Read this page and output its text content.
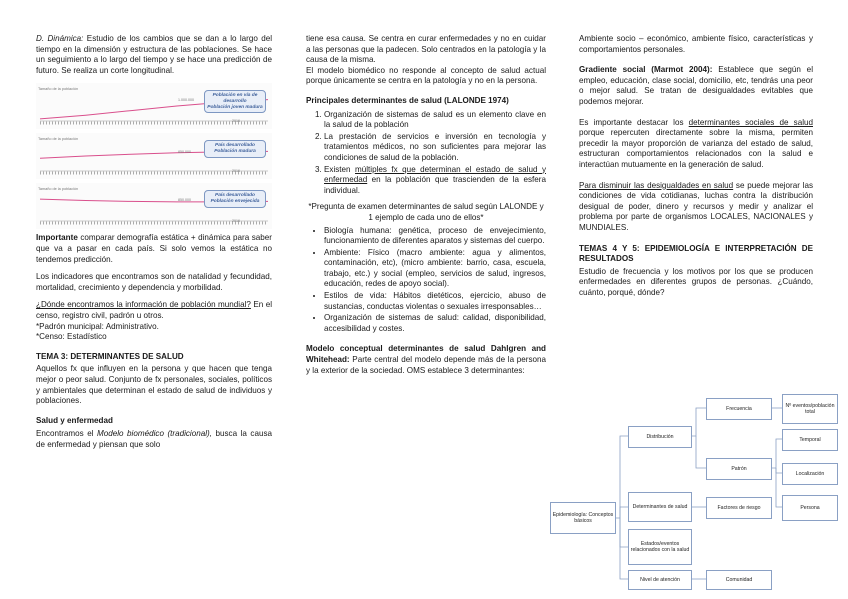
D. Dinámica: Estudio de los cambios que se dan a lo largo del tiempo en la dimensión y estructura de las poblaciones. Se hace un seguimiento a lo largo del tiempo y se hace una predicción de futuro. Se realiza un corte longitudinal.

Tamaño de la población
1.000.000
2016
Población en vía de desarrollo
Población joven madura
Tamaño de la población
850.000
2016
País desarrollado
Población madura
Tamaño de la población
850.000
2016
País desarrollado
Población envejecida

Importante comparar demografía estática + dinámica para saber que va a pasar en cada país. Si solo vemos la estática no tendemos predicción.

Los indicadores que encontramos son de natalidad y fecundidad, mortalidad, crecimiento y dependencia y morbilidad.

¿Dónde encontramos la información de población mundial? En el censo, registro civil, padrón u otros.

*Padrón municipal: Administrativo.

*Censo: Estadístico

TEMA 3: DETERMINANTES DE SALUD

Aquellos fx que influyen en la persona y que hacen que tenga mejor o peor salud. Conjunto de fx personales, sociales, políticos y ambientales que determinan el estado de salud de individuos y poblaciones.

Salud y enfermedad

Encontramos el Modelo biomédico (tradicional), busca la causa de enfermedad y piensan que solo

tiene esa causa. Se centra en curar enfermedades y no en cuidar a las personas que la padecen. Solo centrados en la patología y la causa de la misma.

El modelo biomédico no responde al concepto de salud actual porque únicamente se centra en la patología y no en la persona.

Principales determinantes de salud (LALONDE 1974)

1. Organización de sistemas de salud es un elemento clave en la salud de la población
2. La prestación de servicios e inversión en tecnología y tratamientos médicos, no son suficientes para mejorar las condiciones de salud de la población.
3. Existen múltiples fx que determinan el estado de salud y enfermedad en la población que trascienden de la esfera individual.

*Pregunta de examen determinantes de salud según LALONDE y 1 ejemplo de cada uno de ellos*

• Biología humana: genética, proceso de envejecimiento, funcionamiento de diferentes aparatos y sistemas del cuerpo.
• Ambiente: Físico (macro ambiente: agua y alimentos, contaminación, etc), (micro ambiente: barrio, casa, escuela, trabajo, etc.) y social (empleo, servicios de salud, ingresos, educación, redes de apoyo social).
• Estilos de vida: Hábitos dietéticos, ejercicio, abuso de sustancias, conductas violentas o sexuales irresponsables…
• Organización de sistemas de salud: calidad, disponibilidad, accesibilidad y costes.

Modelo conceptual determinantes de salud Dahlgren and Whitehead: Parte central del modelo depende más de la persona y la exterior de la sociedad. OMS establece 3 determinantes:

Ambiente socio – económico, ambiente físico, características y comportamientos personales.

Gradiente social (Marmot 2004): Establece que según el empleo, educación, clase social, domicilio, etc, tendrás una peor o mejor salud. Se tratan de desigualdades evitables que podemos mejorar.

Es importante destacar los determinantes sociales de salud porque repercuten directamente sobre la misma, permiten precedir la mayor proporción de varianza del estado de salud, estructuran comportamientos relacionados con la salud e interactúan mutuamente en la generación de salud.

Para disminuir las desigualdades en salud se puede mejorar las condiciones de vida cotidianas, luchas contra la distribución desigual de poder, dinero y recursos y medir y analizar el problema por parte de organismos LOCALES, NACIONALES y MUNDIALES.

TEMAS 4 Y 5: EPIDEMIOLOGÍA E INTERPRETACIÓN DE RESULTADOS

Estudio de frecuencia y los motivos por los que se producen enfermedades en diferentes grupos de personas. ¿Cuándo, cuánto, porqué, dónde?

Epidemiología: Conceptos básicos
Distribución
Determinantes de salud
Estados/eventos relacionados con la salud
Nivel de atención
Frecuencia
Patrón
Factores de riesgo
Comunidad
Nº eventos/población total
Temporal
Localización
Persona
